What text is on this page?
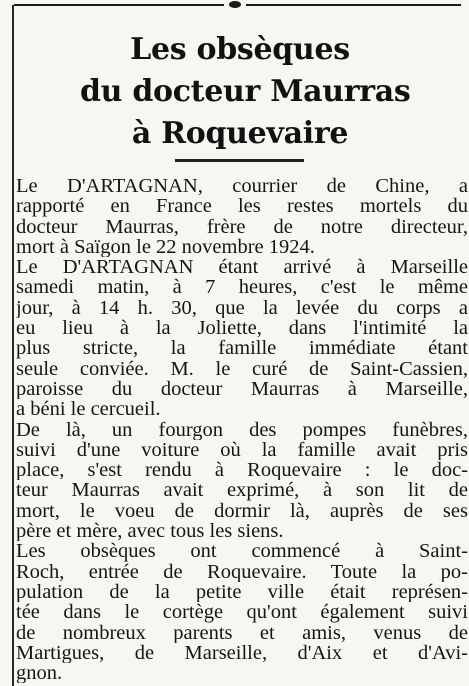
Les obsèques
du docteur Maurras
à Roquevaire
Le D'ARTAGNAN, courrier de Chine, a
rapporté en France les restes mortels du
docteur Maurras, frère de notre directeur,
mort à Saïgon le 22 novembre 1924.
Le D'ARTAGNAN étant arrivé à Marseille
samedi matin, à 7 heures, c'est le même
jour, à 14 h. 30, que la levée du corps a
eu lieu à la Joliette, dans l'intimité la
plus stricte, la famille immédiate étant
seule conviée. M. le curé de Saint-Cassien,
paroisse du docteur Maurras à Marseille,
a béni le cercueil.
De là, un fourgon des pompes funèbres,
suivi d'une voiture où la famille avait pris
place, s'est rendu à Roquevaire : le doc-
teur Maurras avait exprimé, à son lit de
mort, le voeu de dormir là, auprès de ses
père et mère, avec tous les siens.
Les obsèques ont commencé à Saint-
Roch, entrée de Roquevaire. Toute la po-
pulation de la petite ville était représen-
tée dans le cortège qu'ont également suivi
de nombreux parents et amis, venus de
Martigues, de Marseille, d'Aix et d'Avi-
gnon.
